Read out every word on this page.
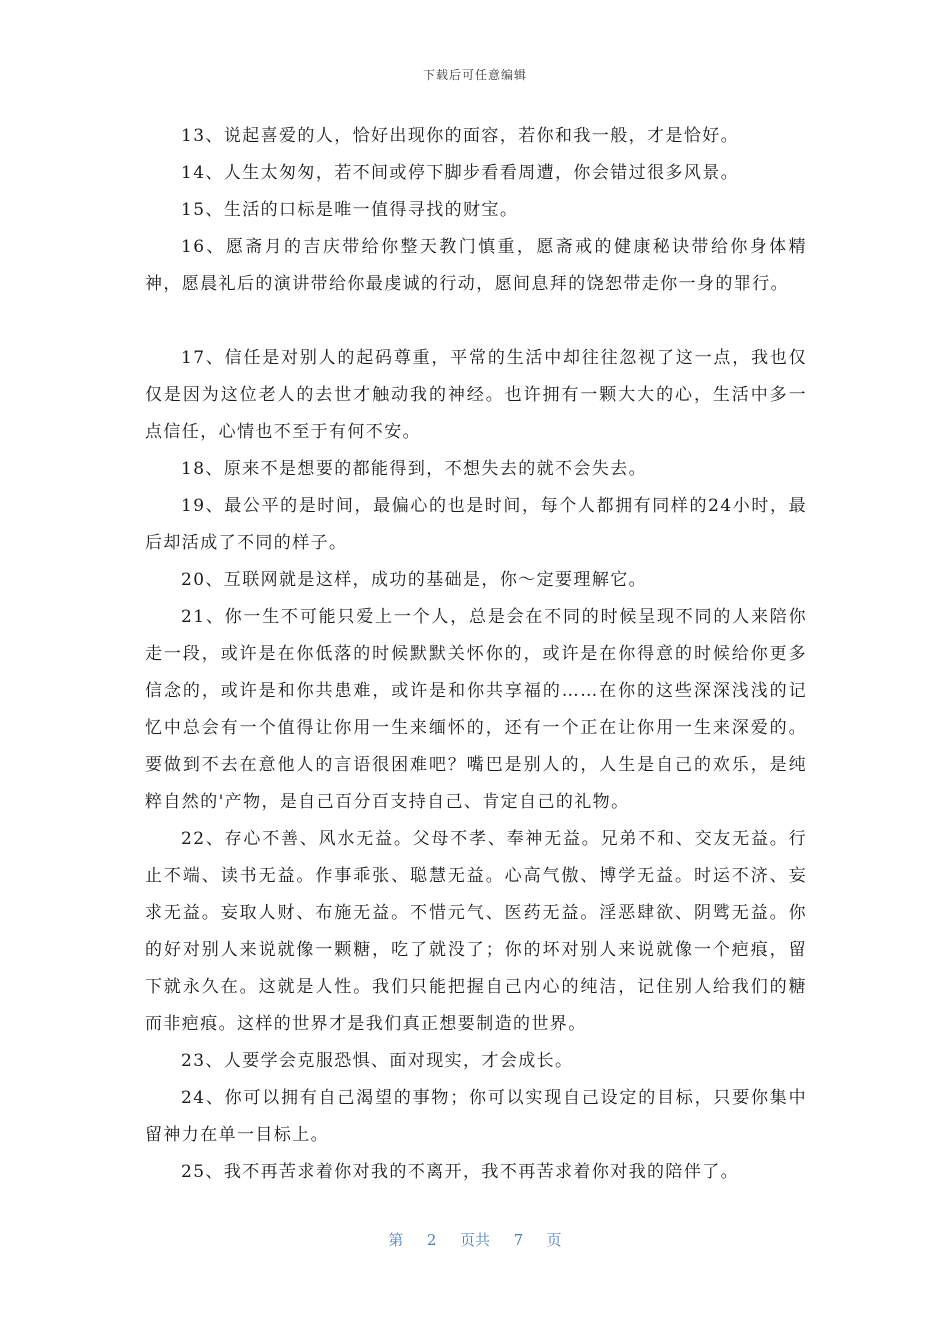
下载后可任意编辑

13、说起喜爱的人，恰好出现你的面容，若你和我一般，才是恰好。

14、人生太匆匆，若不间或停下脚步看看周遭，你会错过很多风景。

15、生活的口标是唯一值得寻找的财宝。

16、愿斋月的吉庆带给你整天教门慎重，愿斋戒的健康秘诀带给你身体精神，愿晨礼后的演讲带给你最虔诚的行动，愿间息拜的饶恕带走你一身的罪行。

17、信任是对别人的起码尊重，平常的生活中却往往忽视了这一点，我也仅仅是因为这位老人的去世才触动我的神经。也许拥有一颗大大的心，生活中多一点信任，心情也不至于有何不安。

18、原来不是想要的都能得到，不想失去的就不会失去。

19、最公平的是时间，最偏心的也是时间，每个人都拥有同样的24小时，最后却活成了不同的样子。

20、互联网就是这样，成功的基础是，你～定要理解它。

21、你一生不可能只爱上一个人，总是会在不同的时候呈现不同的人来陪你走一段，或许是在你低落的时候默默关怀你的，或许是在你得意的时候给你更多信念的，或许是和你共患难，或许是和你共享福的……在你的这些深深浅浅的记忆中总会有一个值得让你用一生来缅怀的，还有一个正在让你用一生来深爱的。要做到不去在意他人的言语很困难吧？嘴巴是别人的，人生是自己的欢乐，是纯粹自然的'产物，是自己百分百支持自己、肯定自己的礼物。

22、存心不善、风水无益。父母不孝、奉神无益。兄弟不和、交友无益。行止不端、读书无益。作事乖张、聪慧无益。心高气傲、博学无益。时运不济、妄求无益。妄取人财、布施无益。不惜元气、医药无益。淫恶肆欲、阴骘无益。你的好对别人来说就像一颗糖，吃了就没了；你的坏对别人来说就像一个疤痕，留下就永久在。这就是人性。我们只能把握自己内心的纯洁，记住别人给我们的糖而非疤痕。这样的世界才是我们真正想要制造的世界。

23、人要学会克服恐惧、面对现实，才会成长。

24、你可以拥有自己渴望的事物；你可以实现自己设定的目标，只要你集中留神力在单一目标上。

25、我不再苦求着你对我的不离开，我不再苦求着你对我的陪伴了。

第 2 页共 7 页
